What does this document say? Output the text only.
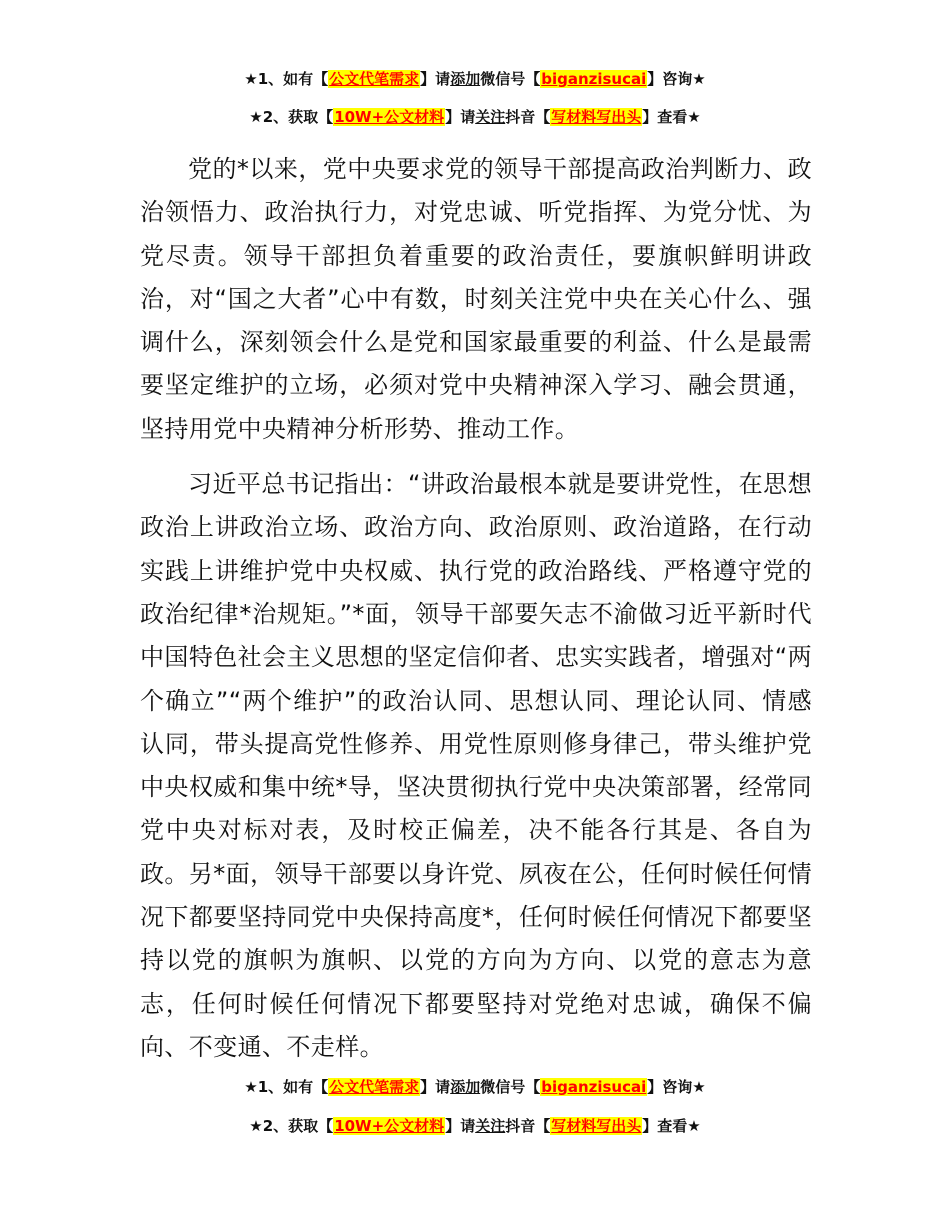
★1、如有【公文代笔需求】请添加微信号【biganzisucai】咨询★
★2、获取【10W+公文材料】请关注抖音【写材料写出头】查看★

党的*以来，党中央要求党的领导干部提高政治判断力、政治领悟力、政治执行力，对党忠诚、听党指挥、为党分忧、为党尽责。领导干部担负着重要的政治责任，要旗帜鲜明讲政治，对“国之大者”心中有数，时刻关注党中央在关心什么、强调什么，深刻领会什么是党和国家最重要的利益、什么是最需要坚定维护的立场，必须对党中央精神深入学习、融会贯通，坚持用党中央精神分析形势、推动工作。

习近平总书记指出：“讲政治最根本就是要讲党性，在思想政治上讲政治立场、政治方向、政治原则、政治道路，在行动实践上讲维护党中央权威、执行党的政治路线、严格遵守党的政治纪律*治规矩。”*面，领导干部要矢志不渝做习近平新时代中国特色社会主义思想的坚定信仰者、忠实实践者，增强对“两个确立”“两个维护”的政治认同、思想认同、理论认同、情感认同，带头提高党性修养、用党性原则修身律己，带头维护党中央权威和集中统*导，坚决贯彻执行党中央决策部署，经常同党中央对标对表，及时校正偏差，决不能各行其是、各自为政。另*面，领导干部要以身许党、夙夜在公，任何时候任何情况下都要坚持同党中央保持高度*，任何时候任何情况下都要坚持以党的旗帜为旗帜、以党的方向为方向、以党的意志为意志，任何时候任何情况下都要堅持对党绝对忠诚，确保不偏向、不变通、不走样。

★1、如有【公文代笔需求】请添加微信号【biganzisucai】咨询★
★2、获取【10W+公文材料】请关注抖音【写材料写出头】查看★
